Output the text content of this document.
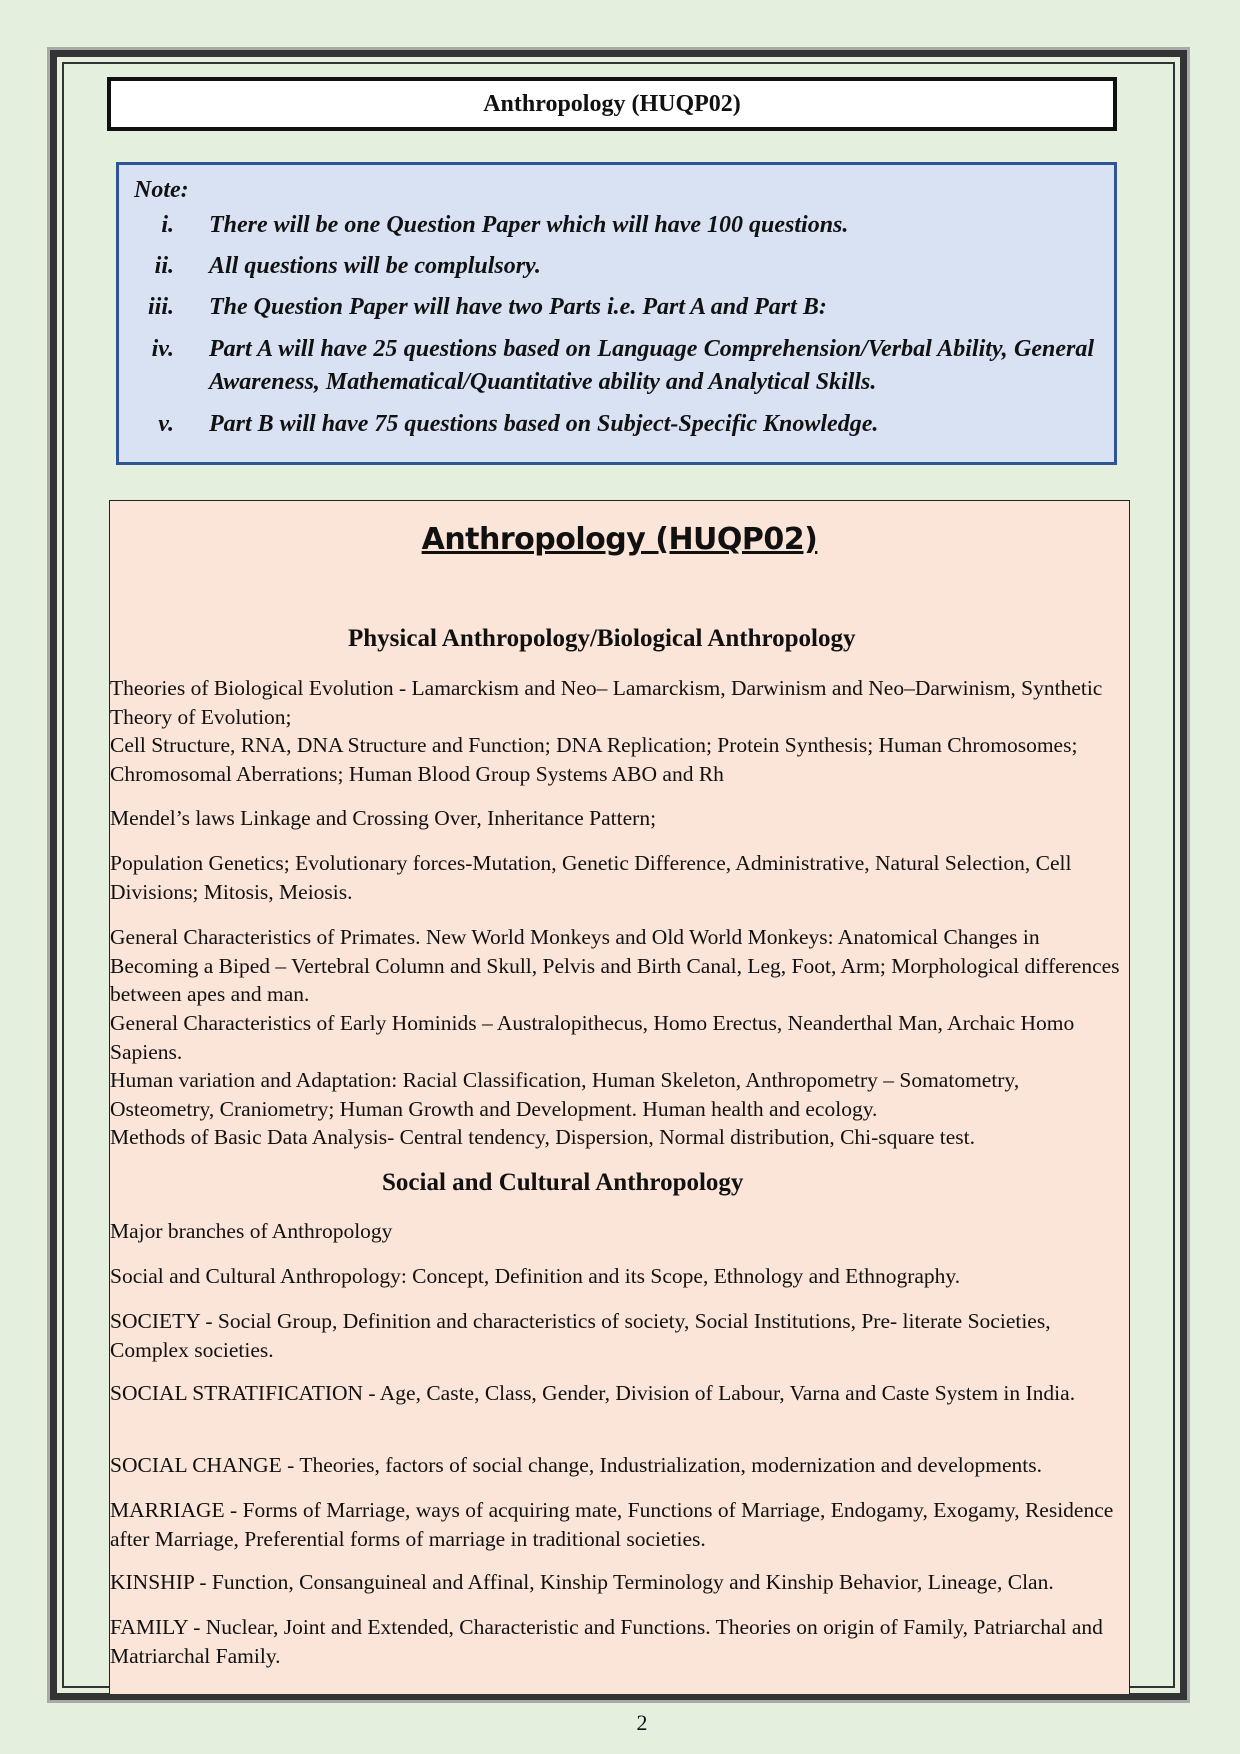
Anthropology (HUQP02)
Note:
i. There will be one Question Paper which will have 100 questions.
ii. All questions will be complulsory.
iii. The Question Paper will have two Parts i.e. Part A and Part B:
iv. Part A will have 25 questions based on Language Comprehension/Verbal Ability, General Awareness, Mathematical/Quantitative ability and Analytical Skills.
v. Part B will have 75 questions based on Subject-Specific Knowledge.
Anthropology (HUQP02)
Physical Anthropology/Biological Anthropology

Theories of Biological Evolution - Lamarckism and Neo– Lamarckism, Darwinism and Neo–Darwinism, Synthetic Theory of Evolution;

Cell Structure, RNA, DNA Structure and Function; DNA Replication; Protein Synthesis; Human Chromosomes; Chromosomal Aberrations; Human Blood Group Systems ABO and Rh

Mendel’s laws Linkage and Crossing Over, Inheritance Pattern;

Population Genetics; Evolutionary forces-Mutation, Genetic Difference, Administrative, Natural Selection, Cell Divisions; Mitosis, Meiosis.

General Characteristics of Primates. New World Monkeys and Old World Monkeys: Anatomical Changes in Becoming a Biped – Vertebral Column and Skull, Pelvis and Birth Canal, Leg, Foot, Arm; Morphological differences between apes and man.

General Characteristics of Early Hominids – Australopithecus, Homo Erectus, Neanderthal Man, Archaic Homo Sapiens.

Human variation and Adaptation: Racial Classification, Human Skeleton, Anthropometry – Somatometry, Osteometry, Craniometry; Human Growth and Development. Human health and ecology.

Methods of Basic Data Analysis- Central tendency, Dispersion, Normal distribution, Chi-square test.

Social and Cultural Anthropology

Major branches of Anthropology

Social and Cultural Anthropology: Concept, Definition and its Scope, Ethnology and Ethnography.

SOCIETY - Social Group, Definition and characteristics of society, Social Institutions, Pre- literate Societies, Complex societies.

SOCIAL STRATIFICATION - Age, Caste, Class, Gender, Division of Labour, Varna and Caste System in India.

SOCIAL CHANGE - Theories, factors of social change, Industrialization, modernization and developments.

MARRIAGE - Forms of Marriage, ways of acquiring mate, Functions of Marriage, Endogamy, Exogamy, Residence after Marriage, Preferential forms of marriage in traditional societies.

KINSHIP - Function, Consanguineal and Affinal, Kinship Terminology and Kinship Behavior, Lineage, Clan.

FAMILY - Nuclear, Joint and Extended, Characteristic and Functions. Theories on origin of Family, Patriarchal and Matriarchal Family.

2
